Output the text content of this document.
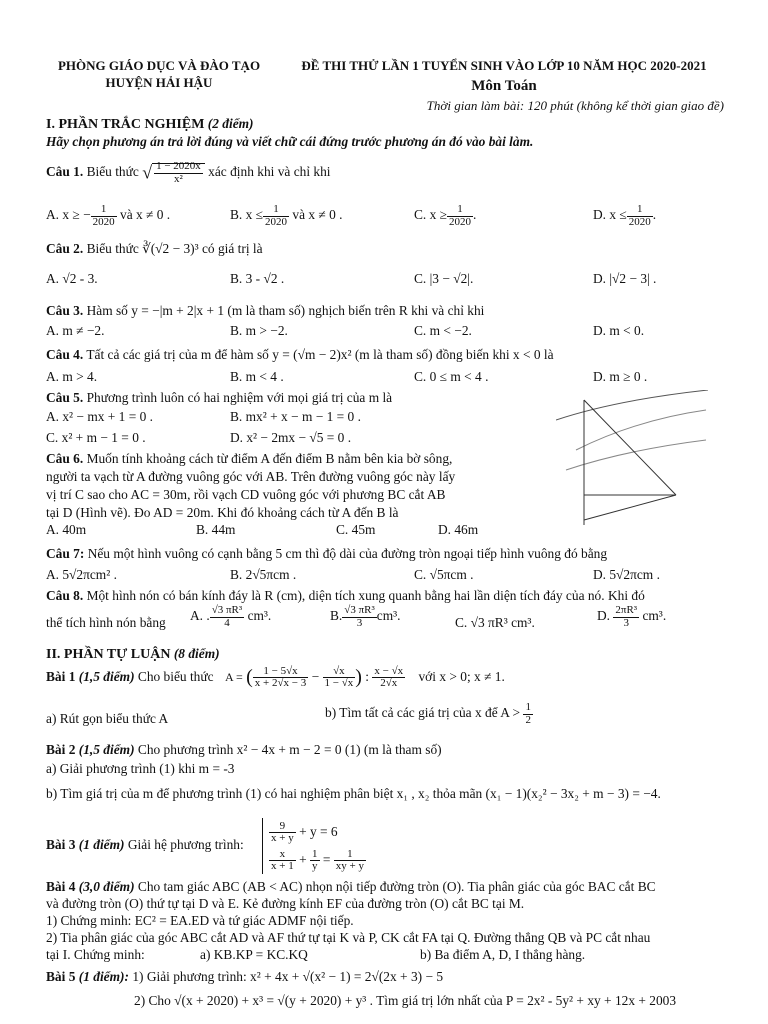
PHÒNG GIÁO DỤC VÀ ĐÀO TẠO
HUYỆN HẢI HẬU
ĐỀ THI THỬ LẦN 1 TUYỂN SINH VÀO LỚP 10 NĂM HỌC 2020-2021
Môn Toán
Thời gian làm bài: 120 phút (không kể thời gian giao đề)
I. PHẦN TRẮC NGHIỆM (2 điểm)
Hãy chọn phương án trả lời đúng và viết chữ cái đứng trước phương án đó vào bài làm.
Câu 1. Biểu thức √ $\frac{1 - 2020x}{\text{x²}}$ xác định khi và chỉ khi
A. x ≥ − $\frac{1}{2020}$ và x ≠ 0 .	B. $x \le \frac{1}{2020}$ và x ≠ 0 .	C. $x \ge \frac{1}{2020}$ .	D. $x \le \frac{1}{2020}$ .
Câu 2. Biểu thức ∛(√2 − 3)³ có giá trị là
A. √2 - 3.	B. 3 - √2 .	C. |3 − √2|.	D. |√2 − 3| .
Câu 3. Hàm số y = −|m + 2|x + 1 (m là tham số) nghịch biến trên R khi và chỉ khi
A. m ≠ −2.	B. m > −2.	C. m < −2.	D. m < 0.
Câu 4. Tất cả các giá trị của m để hàm số y = (√m − 2)x² (m là tham số) đồng biến khi x < 0 là
A. m > 4.	B. m < 4 .	C. 0 ≤ m < 4 .	D. m ≥ 0 .
Câu 5. Phương trình luôn có hai nghiệm với mọi giá trị của m là
A. x² − mx + 1 = 0 .	B. mx² + x − m − 1 = 0 .
C. x² + m − 1 = 0 .	D. x² − 2mx − √5 = 0 .
Câu 6. Muốn tính khoảng cách từ điểm A đến điểm B nằm bên kia bờ sông,
người ta vạch từ A đường vuông góc với AB. Trên đường vuông góc này lấy
vị trí C sao cho AC = 30m, rồi vạch CD vuông góc với phương BC cắt AB
tại D (Hình vẽ). Đo AD = 20m. Khi đó khoảng cách từ A đến B là
A. 40m	B. 44m	C. 45m	D. 46m
Câu 7: Nếu một hình vuông có cạnh bằng 5 cm thì độ dài của đường tròn ngoại tiếp hình vuông đó bằng
A. 5√2πcm² .	B. 2√5πcm .	C. √5πcm .	D. 5√2πcm .
Câu 8. Một hình nón có bán kính đáy là R (cm), diện tích xung quanh bằng hai lần diện tích đáy của nó. Khi đó
thể tích hình nón bằng A. . $\frac{\text{√3 πR³}}{4} cm^3$.	B. $\frac{\text{√3 πR³}}{3} cm^3$.	C. √3 πR³ cm³.	D. $\frac{\text{2πR³}}{3} cm^3$.
II. PHẦN TỰ LUẬN (8 điểm)
Bài 1 (1,5 điểm) Cho biểu thức A = ( $\frac{1 - 5√x}{x + 2√x - 3} - \frac{√x}{1 - √x}$ ) : $\frac{x - √x}{2√x}$ với x > 0; x ≠ 1.
a) Rút gọn biểu thức A	b) Tìm tất cả các giá trị của x để $A > \frac{1}{2}$
Bài 2 (1,5 điểm) Cho phương trình x² − 4x + m − 2 = 0 (1) (m là tham số)
a) Giải phương trình (1) khi m = -3
b) Tìm giá trị của m để phương trình (1) có hai nghiệm phân biệt x₁ , x₂ thỏa mãn (x₁ − 1)(x₂² − 3x₂ + m − 3) = −4.
Bài 3 (1 điểm) Giải hệ phương trình: $\frac{9}{x + y} + y = 6$
$\frac{x}{x + 1} + \frac{1}{y} = \frac{1}{xy + y}$
Bài 4 (3,0 điểm) Cho tam giác ABC (AB < AC) nhọn nội tiếp đường tròn (O). Tia phân giác của góc BAC cắt BC
và đường tròn (O) thứ tự tại D và E. Kẻ đường kính EF của đường tròn (O) cắt BC tại M.
1) Chứng minh: EC² = EA.ED và tứ giác ADMF nội tiếp.
2) Tia phân giác của góc ABC cắt AD và AF thứ tự tại K và P, CK cắt FA tại Q. Đường thẳng QB và PC cắt nhau
tại I. Chứng minh:	a) KB.KP = KC.KQ	b) Ba điểm A, D, I thẳng hàng.
Bài 5 (1 điểm): 1) Giải phương trình: x² + 4x + √(x² − 1) = 2√(2x + 3) − 5
2) Cho √(x + 2020) + x³ = √(y + 2020) + y³ . Tìm giá trị lớn nhất của P = 2x² - 5y² + xy + 12x + 2003
